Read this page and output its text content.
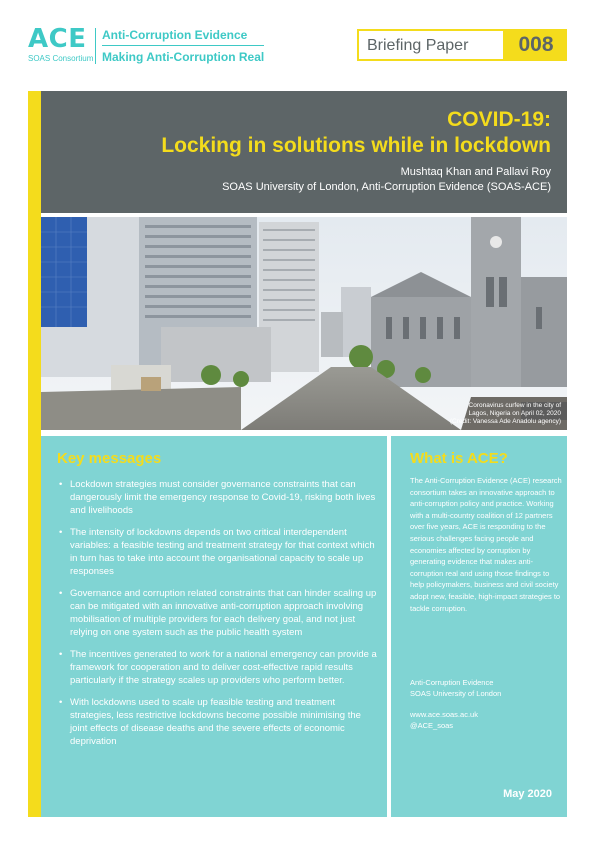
ACE
SOAS Consortium
Anti-Corruption Evidence
Making Anti-Corruption Real
Briefing Paper	008
COVID-19:
Locking in solutions while in lockdown
Mushtaq Khan and Pallavi Roy
SOAS University of London, Anti-Corruption Evidence (SOAS-ACE)
Coronavirus curfew in the city of
Lagos, Nigeria on April 02, 2020
(Credit: Vanessa Ade Anadolu agency)
Key messages
• Lockdown strategies must consider governance constraints that can dangerously limit the emergency response to Covid-19, risking both lives and livelihoods
• The intensity of lockdowns depends on two critical interdependent variables: a feasible testing and treatment strategy for that context which in turn has to take into account the organisational capacity to scale up responses
• Governance and corruption related constraints that can hinder scaling up can be mitigated with an innovative anti-corruption approach involving mobilisation of multiple providers for each delivery goal, and not just relying on one system such as the public health system
• The incentives generated to work for a national emergency can provide a framework for cooperation and to deliver cost-effective rapid results particularly if the strategy scales up providers who perform better.
• With lockdowns used to scale up feasible testing and treatment strategies, less restrictive lockdowns become possible minimising the joint effects of disease deaths and the severe effects of economic deprivation
What is ACE?
The Anti-Corruption Evidence (ACE) research consortium takes an innovative approach to anti-corruption policy and practice. Working with a multi-country coalition of 12 partners over five years, ACE is responding to the serious challenges facing people and economies affected by corruption by generating evidence that makes anti-corruption real and using those findings to help policymakers, business and civil society adopt new, feasible, high-impact strategies to tackle corruption.
Anti-Corruption Evidence
SOAS University of London
www.ace.soas.ac.uk
@ACE_soas
May 2020
